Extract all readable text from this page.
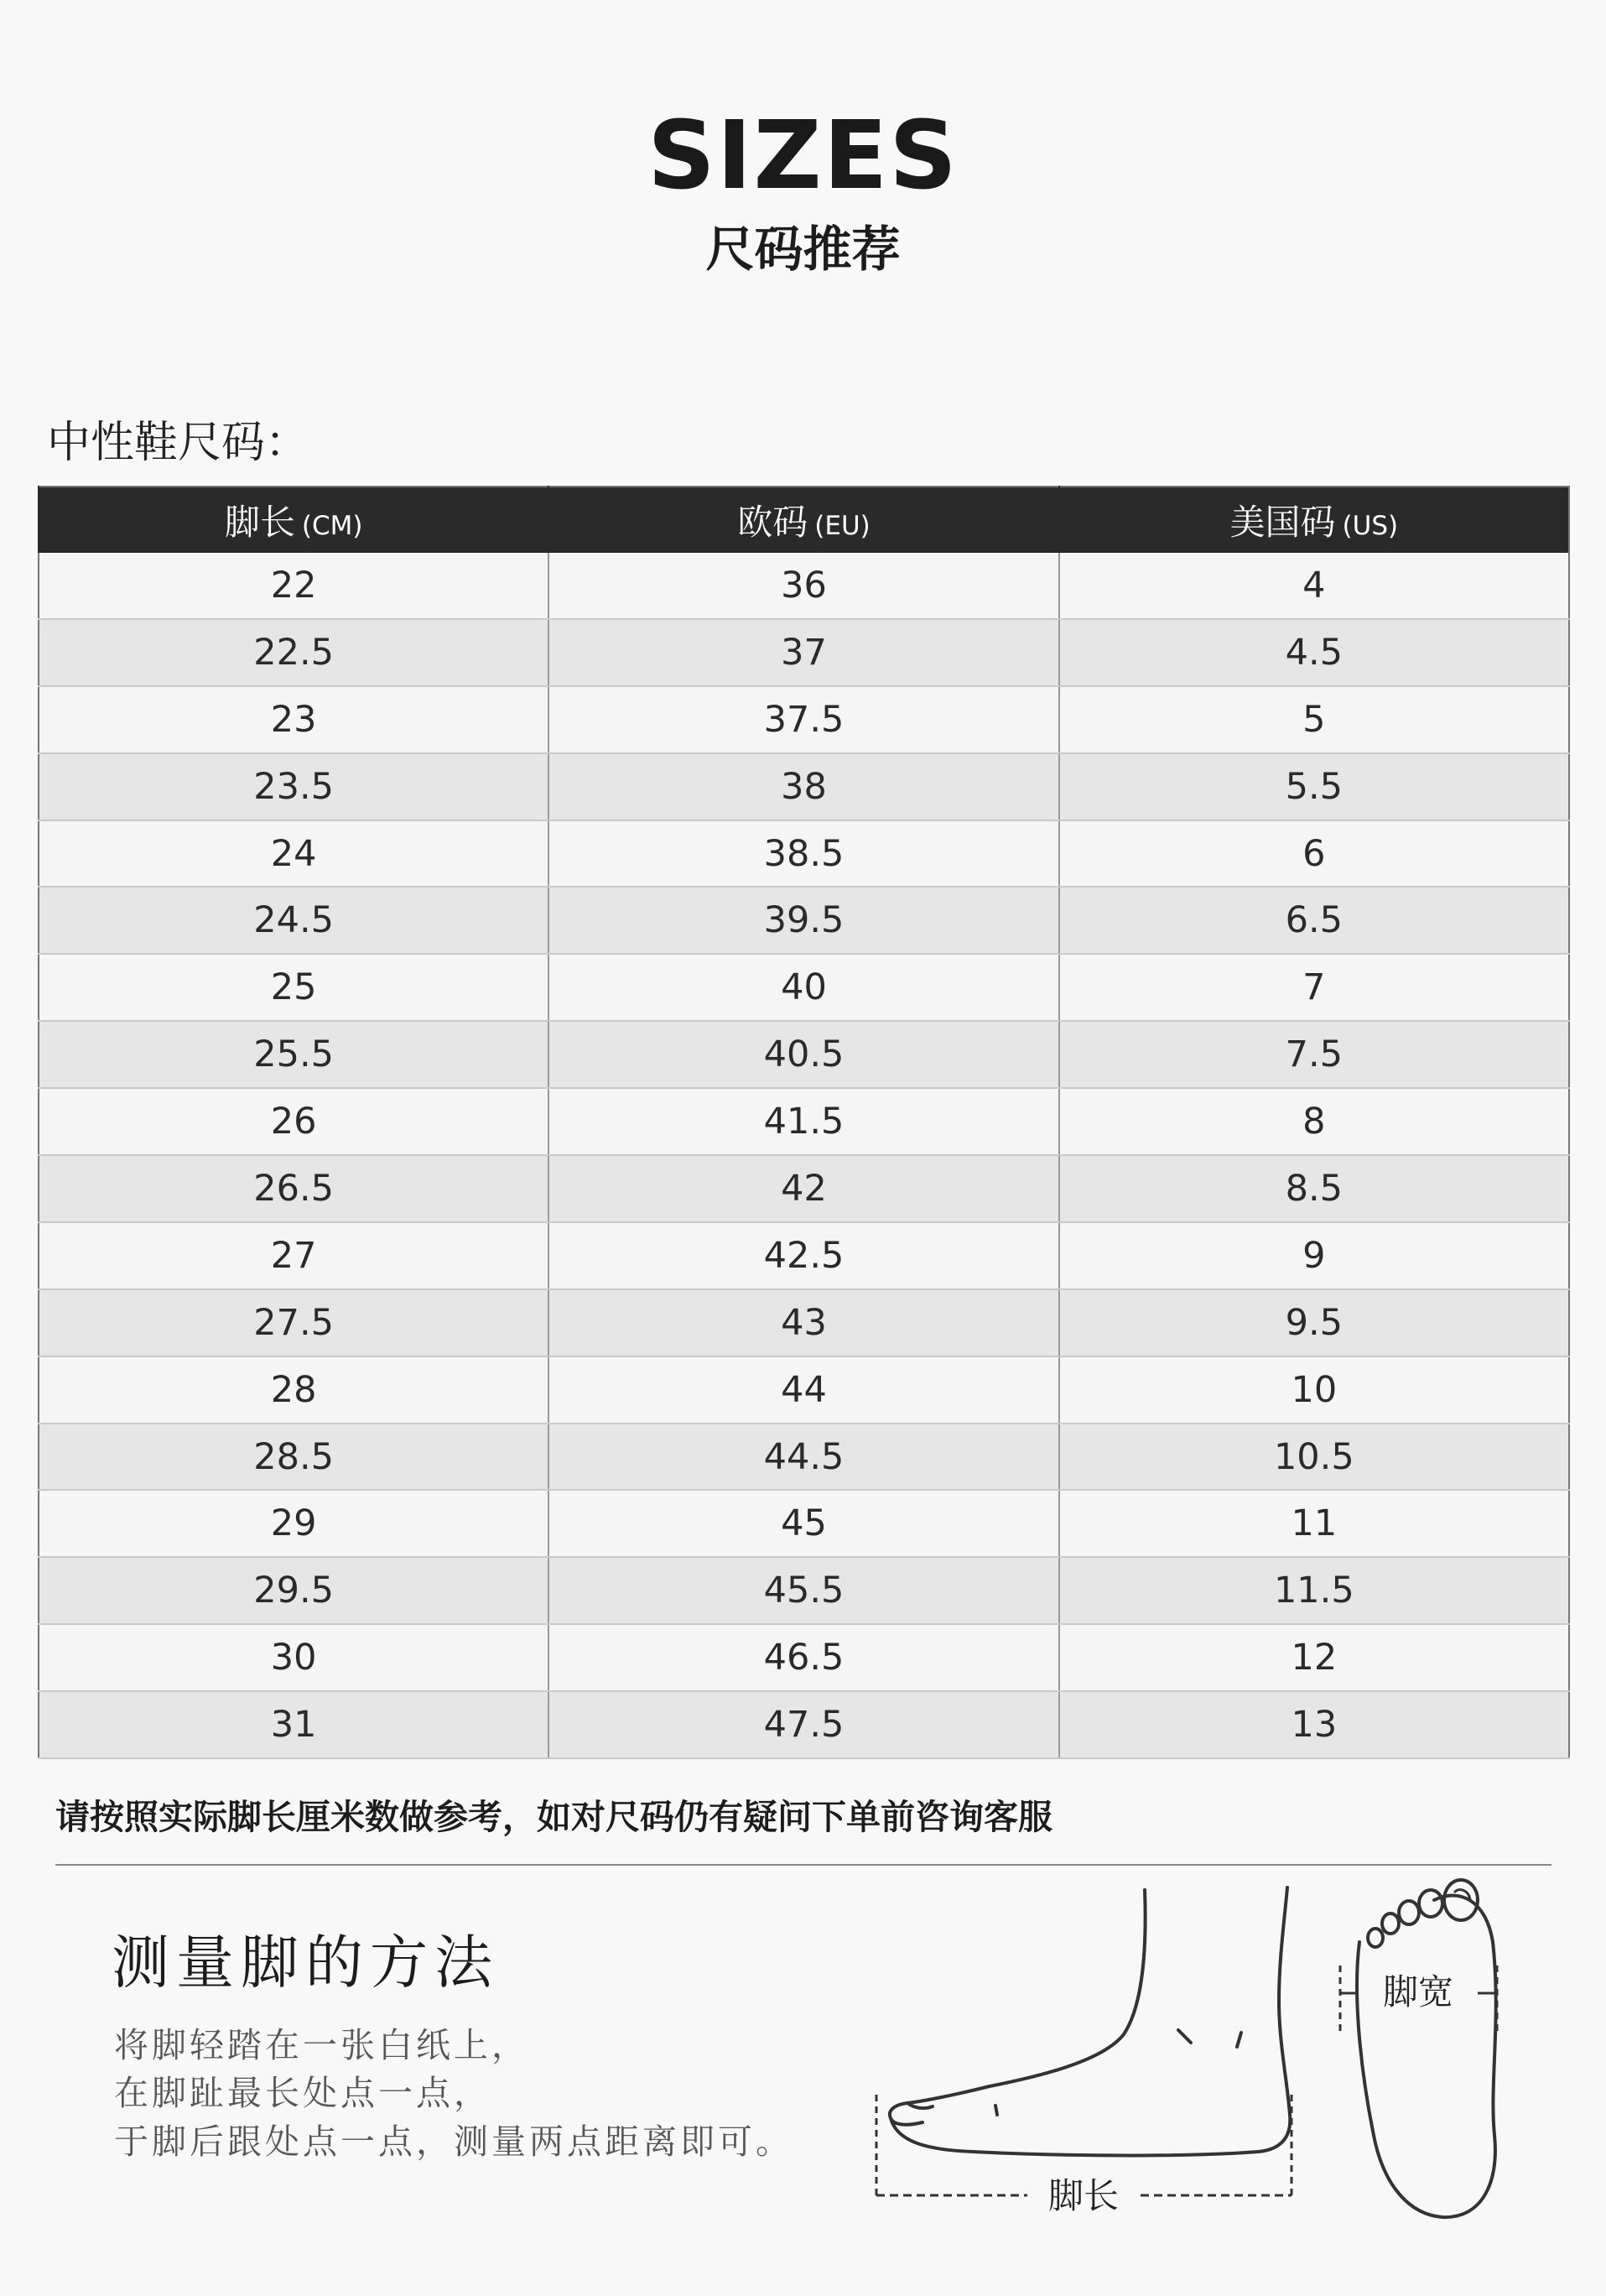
SIZES
尺码推荐
中性鞋尺码：
脚长 (CM)	欧码 (EU)	美国码 (US)
22	36	4
22.5	37	4.5
23	37.5	5
23.5	38	5.5
24	38.5	6
24.5	39.5	6.5
25	40	7
25.5	40.5	7.5
26	41.5	8
26.5	42	8.5
27	42.5	9
27.5	43	9.5
28	44	10
28.5	44.5	10.5
29	45	11
29.5	45.5	11.5
30	46.5	12
31	47.5	13
请按照实际脚长厘米数做参考，如对尺码仍有疑问下单前咨询客服
测量脚的方法
将脚轻踏在一张白纸上，
在脚趾最长处点一点，
于脚后跟处点一点，测量两点距离即可。
脚长
脚宽
